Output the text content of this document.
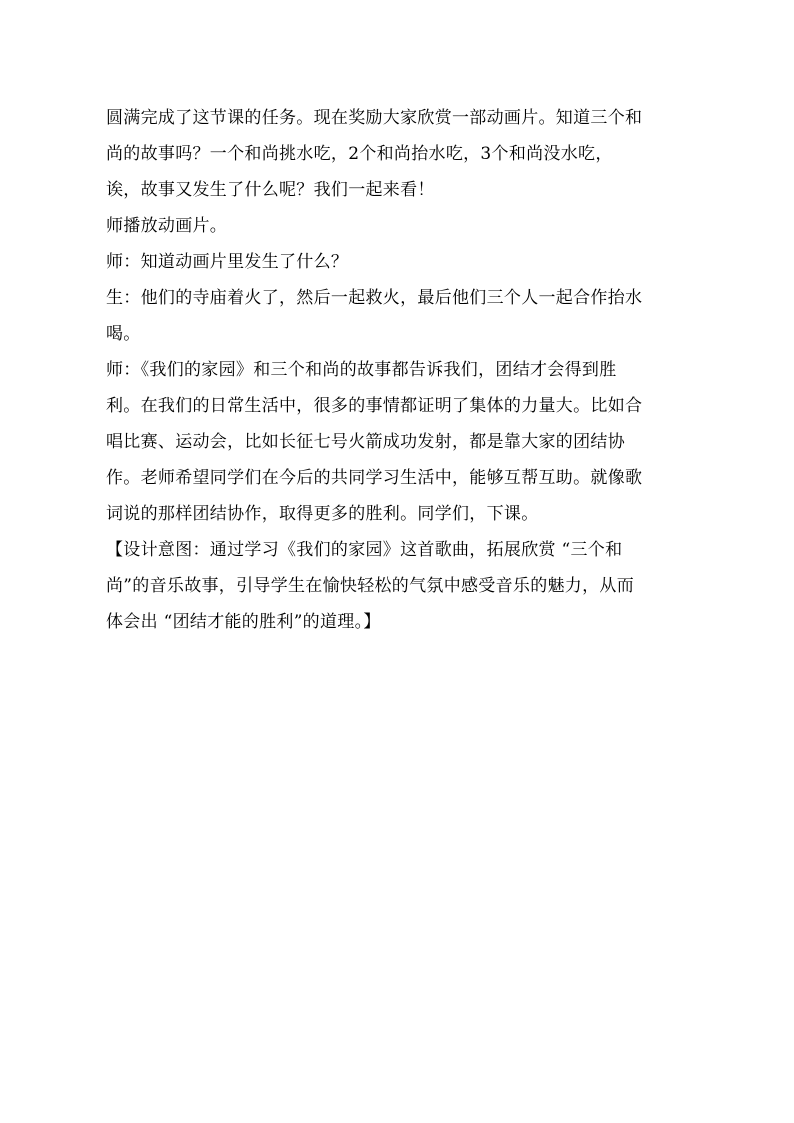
圆满完成了这节课的任务。现在奖励大家欣赏一部动画片。知道三个和
尚的故事吗？一个和尚挑水吃，2个和尚抬水吃，3个和尚没水吃，
诶，故事又发生了什么呢？我们一起来看！
师播放动画片。
师：知道动画片里发生了什么？
生：他们的寺庙着火了，然后一起救火，最后他们三个人一起合作抬水
喝。
师：《我们的家园》和三个和尚的故事都告诉我们，团结才会得到胜
利。在我们的日常生活中，很多的事情都证明了集体的力量大。比如合
唱比赛、运动会，比如长征七号火箭成功发射，都是靠大家的团结协
作。老师希望同学们在今后的共同学习生活中，能够互帮互助。就像歌
词说的那样团结协作，取得更多的胜利。同学们，下课。
【设计意图：通过学习《我们的家园》这首歌曲，拓展欣赏 “三个和
尚”的音乐故事，引导学生在愉快轻松的气氛中感受音乐的魅力，从而
体会出 “团结才能的胜利”的道理。】
